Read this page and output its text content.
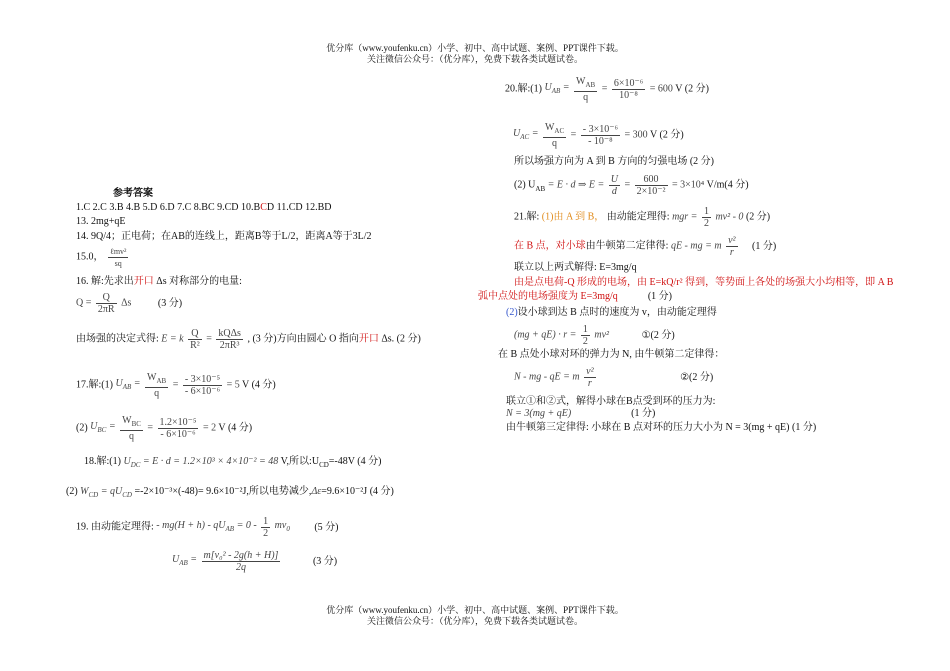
优分库（www.youfenku.cn）小学、初中、高中试题、案例、PPT课件下载。
关注微信公众号：（优分库），免费下载各类试题试卷。
参考答案
1.C 2.C 3.B 4.B 5.D 6.D 7.C 8.BC 9.CD 10.BCD 11.CD 12.BD
13. 2mg+qE
14. 9Q/4；正电荷；在AB的连线上，距离B等于L/2，距离A等于3L/2
15.0， $\frac{\text{ℓmv²}}{sq}$
16. 解:先求出开口 Δs 对称部分的电量:
$Q = \frac{Q}{2\pi R}$ Δs	(3 分)
由场强的决定式得: E = k $\frac{Q}{\text{R²}} = \frac{\text{kQΔs}}{\text{2πR³}}$ , (3 分)方向由圆心 O 指向开口 Δs. (2 分)
17.解:(1) $U_{AB} = \frac{W_{AB}}{q} = \frac{\text{- 3×10⁻⁵}}{\text{- 6×10⁻⁶}} = 5$ V (4 分)
(2) $U_{BC} = \frac{W_{BC}}{q} = \frac{\text{1.2×10⁻⁵}}{\text{- 6×10⁻⁶}} = 2$ V (4 分)
18.解:(1) $U_{DC} = E \cdot d = 1.2\times 10^3 \times 4\times 10^{-2} = 48$ V,所以$:U_{CD}=-48V$ (4 分)
(2) $W_{CD} = qU_{CD} =-2\times 10^{-3}\times(-48)= 9.6\times 10^{-2}J$,所以电势减少,Δε=9.6×10⁻²J (4 分)
19. 由动能定理得: - $mg(H + h) - qU_{AB} = 0 - \frac{1}{2} mv_0$ (5 分)
$U_{AB} = \frac{\text{m[v₀² - 2g(h + H)]}}{2q}$	(3 分)
20.解:(1) $U_{AB} = \frac{W_{AB}}{q} = \frac{\text{6×10⁻⁶}}{\text{10⁻⁸}} = 600$ V (2 分)
$U_{AC} = \frac{W_{AC}}{q} = \frac{\text{- 3×10⁻⁶}}{\text{- 10⁻⁸}} = 300$ V (2 分)
所以场强方向为 A 到 B 方向的匀强电场 (2 分)
(2) $U_{AB} = E \cdot d$ ⇒ $E = \frac{U}{d} = \frac{600}{\text{2×10⁻²}} = 3\times 10^4$ V/m(4 分)
21.解: (1)由 A 到 B， 由动能定理得: mgr = $\frac{1}{2} mv^2 - 0$ (2 分)
在 B 点，对小球由牛顿第二定律得: qE - mg = m $\frac{\text{v²}}{r} (1$ 分)
联立以上两式解得: E=3mg/q
由是点电荷-Q 形成的电场，由 E=kQ/r² 得到，等势面上各处的场强大小均相等，即 A B
弧中点处的电场强度为 E=3mg/q	(1 分)
(2)设小球到达 B 点时的速度为 v，由动能定理得
$(mg + qE) \cdot r = \frac{1}{2} mv^2$	①(2 分)
在 B 点处小球对环的弹力为 N, 由牛顿第二定律得：
N - mg - qE = m $\frac{\text{v²}}{r}$	②(2 分)
联立①和②式，解得小球在B点受到环的压力为:
N = 3(mg + qE)	(1 分)
由牛顿第三定律得: 小球在 B 点对环的压力大小为 N = 3(mg + qE) (1 分)
优分库（www.youfenku.cn）小学、初中、高中试题、案例、PPT课件下载。
关注微信公众号：（优分库），免费下载各类试题试卷。
